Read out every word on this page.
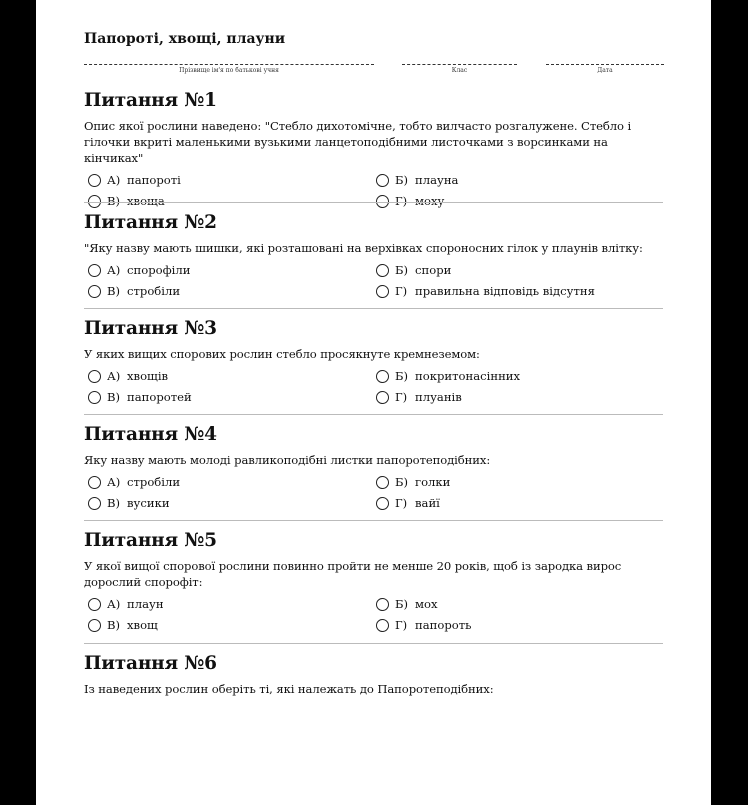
Папороті, хвощі, плауни
Прізвище ім'я по батькові учня	Клас	Дата
Питання №1
Опис якої рослини наведено: "Стебло дихотомічне, тобто вилчасто розгалужене. Стебло і гілочки вкриті маленькими вузькими ланцетоподібними листочками з ворсинками на кінчиках"
А) папороті	Б) плауна
В) хвоща	Г) моху
Питання №2
"Яку назву мають шишки, які розташовані на верхівках спороносних гілок у плаунів влітку:
А) спорофіли	Б) спори
В) стробіли	Г) правильна відповідь відсутня
Питання №3
У яких вищих спорових рослин стебло просякнуте кремнеземом:
А) хвощів	Б) покритонасінних
В) папоротей	Г) плуанів
Питання №4
Яку назву мають молоді равликоподібні листки папоротеподібних:
А) стробіли	Б) голки
В) вусики	Г) вайї
Питання №5
У якої вищої спорової рослини повинно пройти не менше 20 років, щоб із зародка вирос дорослий спорофіт:
А) плаун	Б) мох
В) хвощ	Г) папороть
Питання №6
Із наведених рослин оберіть ті, які належать до Папоротеподібних:
